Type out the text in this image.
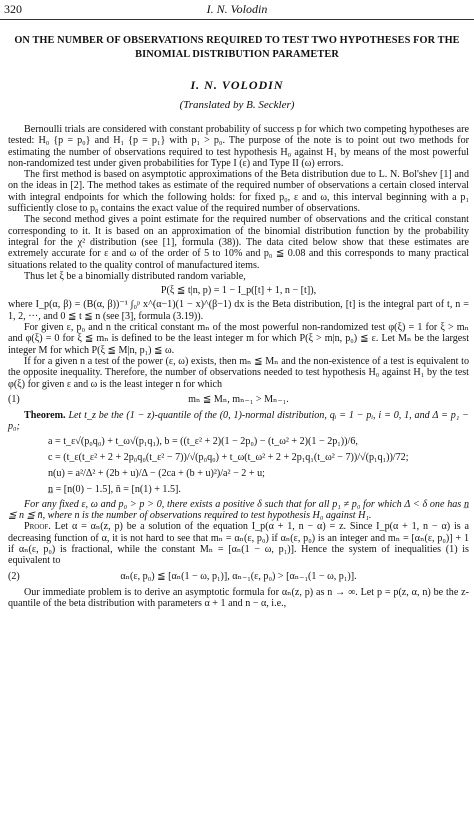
320	I. N. Volodin
ON THE NUMBER OF OBSERVATIONS REQUIRED TO TEST TWO HYPOTHESES FOR THE BINOMIAL DISTRIBUTION PARAMETER
I. N. VOLODIN
(Translated by B. Seckler)

Bernoulli trials are considered with constant probability of success p for which two competing hypotheses are tested: H₀ {p = p₀} and H₁ {p = p₁} with p₁ > p₀. The purpose of the note is to point out two methods for estimating the number of observations required to test hypothesis H₀ against H₁ by means of the most powerful non-randomized test under given probabilities for Type I (ε) and Type II (ω) errors.

The first method is based on asymptotic approximations of the Beta distribution due to L. N. Bol'shev [1] and on the ideas in [2]. The method takes as estimate of the required number of observations a certain closed interval with integral endpoints for which the following holds: for fixed p₀, ε and ω, this interval beginning with a p₁ sufficiently close to p₀ contains the exact value of the required number of observations.

The second method gives a point estimate for the required number of observations and the critical constant corresponding to it. It is based on an approximation of the binomial distribution function by the probability integral for the χ² distribution (see [1], formula (38)). The data cited below show that these estimates are extremely accurate for ε and ω of the order of 5 to 10% and p₀ ≦ 0.08 and this corresponds to many practical situations related to the quality control of manufactured items.

Thus let ξ be a binomially distributed random variable,

P(ξ ≦ t|n, p) = 1 − I_p([t] + 1, n − [t]),

where I_p(α, β) = (B(α, β))⁻¹ ∫₀ᵖ x^(α−1)(1 − x)^(β−1) dx is the Beta distribution, [t] is the integral part of t, n = 1, 2, ···, and 0 ≦ t ≦ n (see [3], formula (3.19)).

For given ε, p₀ and n the critical constant mₙ of the most powerful non-randomized test φ(ξ) = 1 for ξ > mₙ and φ(ξ) = 0 for ξ ≦ mₙ is defined to be the least integer m for which P(ξ > m|n, p₀) ≦ ε. Let Mₙ be the largest integer M for which P(ξ ≦ M|n, p₁) ≦ ω.

If for a given n a test of the power (ε, ω) exists, then mₙ ≦ Mₙ and the non-existence of a test is equivalent to the opposite inequality. Therefore, the number of observations needed to test hypothesis H₀ against H₁ by the test φ(ξ) for given ε and ω is the least integer n for which

(1)	mₙ ≦ Mₙ, mₙ₋₁ > Mₙ₋₁.

Theorem. Let t_z be the (1 − z)-quantile of the (0, 1)-normal distribution, qᵢ = 1 − pᵢ, i = 0, 1, and Δ = p₁ − p₀;

a = t_ε√(p₀q₀) + t_ω√(p₁q₁), b = ((t_ε² + 2)(1 − 2p₀) − (t_ω² + 2)(1 − 2p₁))/6,
c = (t_ε(t_ε² + 2 + 2p₀q₀(t_ε² − 7))/√(p₀q₀) + t_ω(t_ω² + 2 + 2p₁q₁(t_ω² − 7))/√(p₁q₁))/72;
n(u) = a²/Δ² + (2b + u)/Δ − (2ca + (b + u)²)/a² − 2 + u;
n̲ = [n(0) − 1.5], n̄ = [n(1) + 1.5].

For any fixed ε, ω and p₀ > p > 0, there exists a positive δ such that for all p₁ ≠ p₀ for which Δ < δ one has n̲ ≦ n ≦ n̄, where n is the number of observations required to test hypothesis H₀ against H₁.

Proof. Let α = αₙ(z, p) be a solution of the equation I_p(α + 1, n − α) = z. Since I_p(α + 1, n − α) is a decreasing function of α, it is not hard to see that mₙ = αₙ(ε, p₀) if αₙ(ε, p₀) is an integer and mₙ = [αₙ(ε, p₀)] + 1 if αₙ(ε, p₀) is fractional, while the constant Mₙ = [αₙ(1 − ω, p₁)]. Hence the system of inequalities (1) is equivalent to

(2)	αₙ(ε, p₀) ≦ [αₙ(1 − ω, p₁)], αₙ₋₁(ε, p₀) > [αₙ₋₁(1 − ω, p₁)].

Our immediate problem is to derive an asymptotic formula for αₙ(z, p) as n → ∞. Let p = p(z, α, n) be the z-quantile of the beta distribution with parameters α + 1 and n − α, i.e.,
